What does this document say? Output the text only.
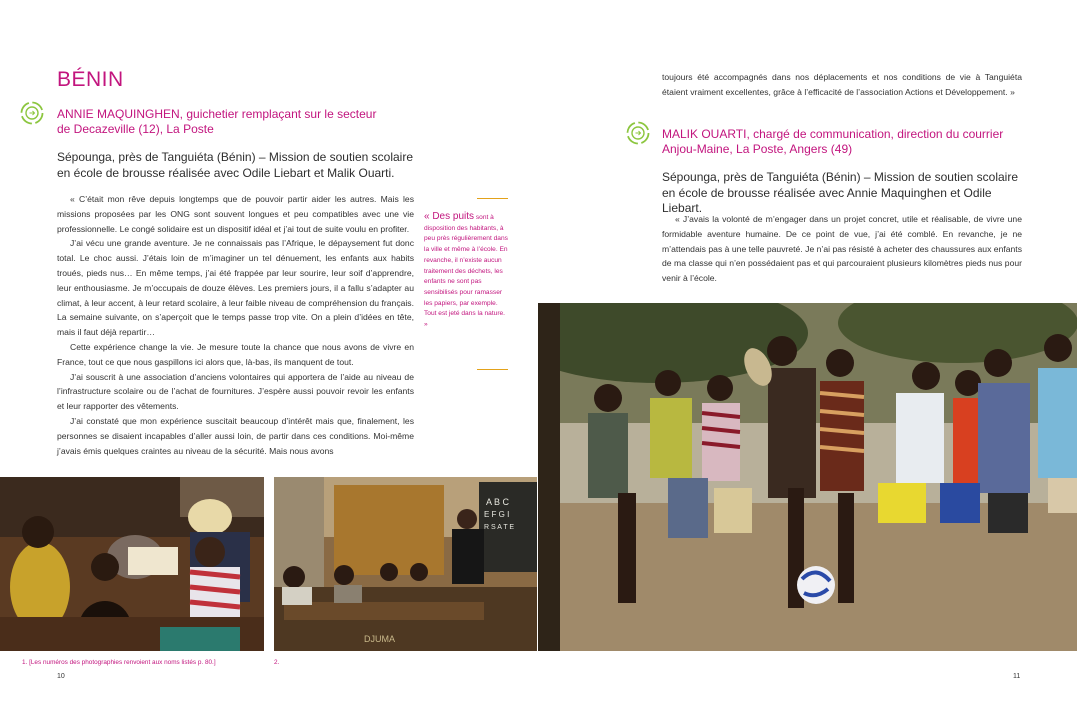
BÉNIN
ANNIE MAQUINGHEN, guichetier remplaçant sur le secteur de Decazeville (12), La Poste
Sépounga, près de Tanguiéta (Bénin) – Mission de soutien scolaire en école de brousse réalisée avec Odile Liebart et Malik Ouarti.

« C’était mon rêve depuis longtemps que de pouvoir partir aider les autres. Mais les missions proposées par les ONG sont souvent longues et peu compatibles avec une vie professionnelle. Le congé solidaire est un dispositif idéal et j’ai tout de suite voulu en profiter.

J’ai vécu une grande aventure. Je ne connaissais pas l’Afrique, le dépaysement fut donc total. Le choc aussi. J’étais loin de m’imaginer un tel dénuement, les enfants aux habits troués, pieds nus… En même temps, j’ai été frappée par leur sourire, leur soif d’apprendre, leur enthousiasme. Je m’occupais de douze élèves. Les premiers jours, il a fallu s’adapter au climat, à leur accent, à leur retard scolaire, à leur faible niveau de compréhension du français. La semaine suivante, on s’aperçoit que le temps passe trop vite. On a plein d’idées en tête, mais il faut déjà repartir…

Cette expérience change la vie. Je mesure toute la chance que nous avons de vivre en France, tout ce que nous gaspillons ici alors que, là-bas, ils manquent de tout.

J’ai souscrit à une association d’anciens volontaires qui apportera de l’aide au niveau de l’infrastructure scolaire ou de l’achat de fournitures. J’espère aussi pouvoir revoir les enfants et leur rapporter des vêtements.

J’ai constaté que mon expérience suscitait beaucoup d’intérêt mais que, finalement, les personnes se disaient incapables d’aller aussi loin, de partir dans ces conditions. Moi-même j’avais émis quelques craintes au niveau de la sécurité. Mais nous avons

« Des puits sont à disposition des habitants, à peu près régulièrement dans la ville et même à l’école. En revanche, il n’existe aucun traitement des déchets, les enfants ne sont pas sensibilisés pour ramasser les papiers, par exemple. Tout est jeté dans la nature. »

toujours été accompagnés dans nos déplacements et nos conditions de vie à Tanguiéta étaient vraiment excellentes, grâce à l’efficacité de l’association Actions et Développement. »

MALIK OUARTI, chargé de communication, direction du courrier Anjou-Maine, La Poste, Angers (49)
Sépounga, près de Tanguiéta (Bénin) – Mission de soutien scolaire en école de brousse réalisée avec Annie Maquinghen et Odile Liebart.

« J’avais la volonté de m’engager dans un projet concret, utile et réalisable, de vivre une formidable aventure humaine. De ce point de vue, j’ai été comblé. En revanche, je ne m’attendais pas à une telle pauvreté. Je n’ai pas résisté à acheter des chaussures aux enfants de ma classe qui n’en possédaient pas et qui parcouraient plusieurs kilomètres pieds nus pour venir à l’école.

A B C
E F G I
R S A T E
DJUMA
1. [Les numéros des photographies renvoient aux noms listés p. 80.]	2.
10	11
